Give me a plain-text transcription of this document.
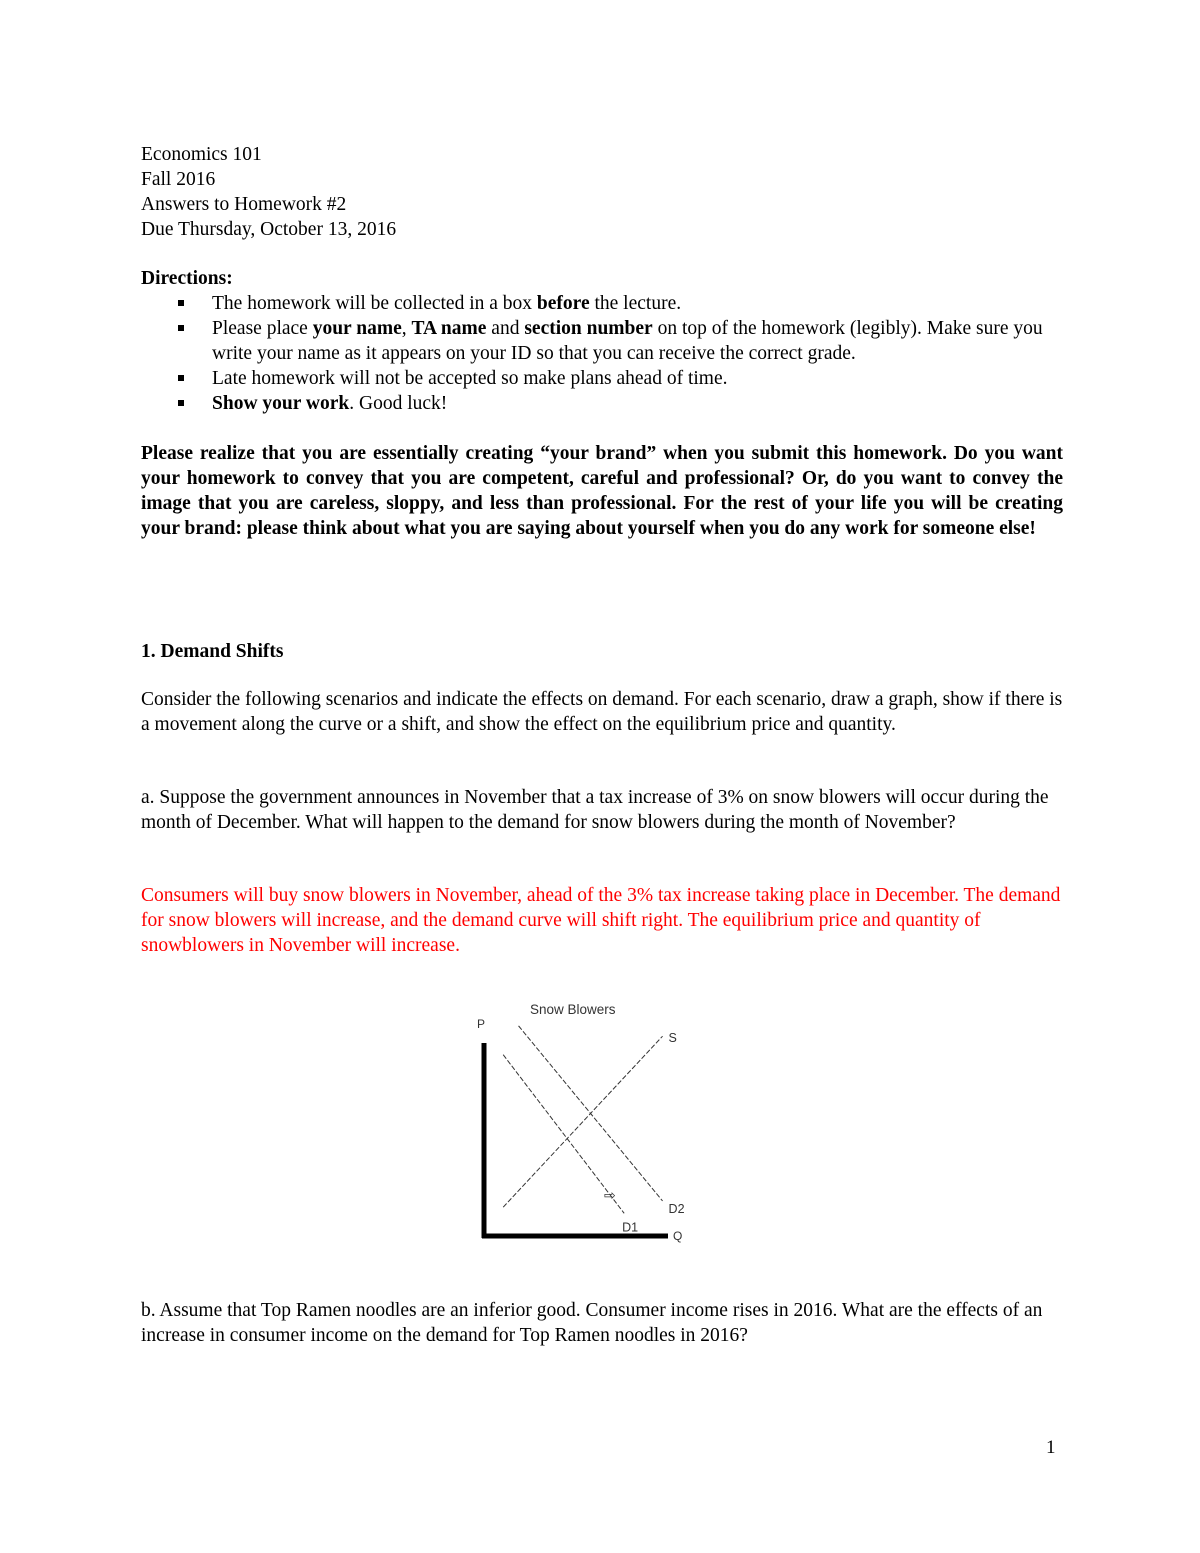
Economics 101
Fall 2016
Answers to Homework #2
Due Thursday, October 13, 2016
Directions:
The homework will be collected in a box before the lecture.
Please place your name, TA name and section number on top of the homework (legibly). Make sure you write your name as it appears on your ID so that you can receive the correct grade.
Late homework will not be accepted so make plans ahead of time.
Show your work. Good luck!
Please realize that you are essentially creating “your brand” when you submit this homework. Do you want your homework to convey that you are competent, careful and professional? Or, do you want to convey the image that you are careless, sloppy, and less than professional. For the rest of your life you will be creating your brand: please think about what you are saying about yourself when you do any work for someone else!
1. Demand Shifts
Consider the following scenarios and indicate the effects on demand. For each scenario, draw a graph, show if there is a movement along the curve or a shift, and show the effect on the equilibrium price and quantity.
a. Suppose the government announces in November that a tax increase of 3% on snow blowers will occur during the month of December. What will happen to the demand for snow blowers during the month of November?
Consumers will buy snow blowers in November, ahead of the 3% tax increase taking place in December. The demand for snow blowers will increase, and the demand curve will shift right. The equilibrium price and quantity of snowblowers in November will increase.
S
D1
D2
Snow Blowers
P
Q
⇨
b. Assume that Top Ramen noodles are an inferior good. Consumer income rises in 2016. What are the effects of an increase in consumer income on the demand for Top Ramen noodles in 2016?
1
